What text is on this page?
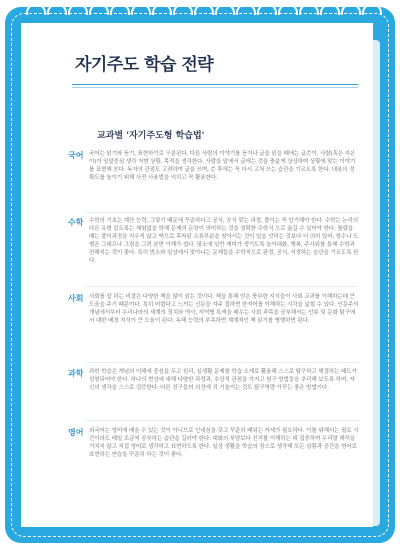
자기주도 학습 전략
교과별 '자기주도형 학습법'
국어 국어는 읽기와 듣기, 표현하기로 구분된다. 다른 사람의 이야기를 듣거나 글을 읽을 때에는 글쓴이, 사람(혹은 지은이)이 임말중심 생각 저변 상황, 목적을 생각한다. 사람들 말에서 글에는 것을 충분게 상상하며 상황에 맞는 이야기를 표현해 본다. 독자의 관점도 고려하며 글을 쓰며, 쓴 후에는 꼭 다시 고쳐 쓰는 습관을 기르도록 한다. 내용의 정확도를 높이기 위해 사전 사용법을 익히고 꼭 활용한다.

수학 수학의 기초는 계산 능력, 그렇기 때문에 꾸준하다고 공식, 공식 맞는 과정, 풀이는 꼭 암기해야 한다. 수학는 논리의 다른 유형 있도록는 체험없을 학해 문제의 문장이 의미하는 것을 정확한 수학식 으로 옮길 수 있어야 한다. 틀렸을 때는 풀이과정을 지우지 않고 맥으로 후착된 오류부분을 찾아서는 것이 있을 앗하는 것보다 더 의미 있어, 항수나 도형은 그래프나 그림을 그려 본면 이해가 쉽다. 평소에 일반 재미가 생기도록 놀이대화, 행복, 주사위를 통해 수학과 친해지는 것이 좋다. 특히 범소와 일상에서 맞아니는 문제들을 수학적으로 판정, 공식, 서경하는 습관을 기르도록 한다.

사회 사회를 잘 하는 비결은 다양한 책을 많이 읽는 것이다. 책을 통해 얻은 풍부한 지식들이 사회 교과를 이해하는데 큰 도움을 주기 때문이다. 특히 어렵다고 느끼는 신문을 자주 접하면 한자어를 이해하는 시각을 넓힐 수 있다. 인문주의 개념에서부터 우리나라의 세계의 정치와 역사, 지역별 특색을 배우는 사회 과목을 공부해서는 인류 및 문화 탐구에서 대한 배경 지식이 큰 도움이 된다. 독해 능력의 부족하면 체계적인 책 읽기를 병행하면 된다.

과학 과학 학습은 개념의 이해에 중심을 두고 원리, 실생활 문제를 학습 소재로 활용해 스스로 탐구하고 해결하는 태도가 성원되어야 한다. 하나의 현상에 대해 다양한 과정과, 추상적 관점을 가지고 원구 방법들을 추리해 보도록 하며, 자신의 생각을 스스로 검증한다. 다른 친구들의 의견에 귀 기울이는 것도 탐구역량 가꾸는 좋은 방법이다.

영어 외국어는 영어에 배울 수 있는 것이 아니므로 인내심을 갖고 꾸준히 배워는 자세가 필요하다. 이를 위해서는 필요 시간이라도 매일 조금씩 공부하는 습관을 길러야 한다. 대화의 부담보다 진지를 이해하는 데 집중하며 우리말 해석을 거치지 않고 직접 영어로 생각하고 표현하도록 한다. 일상 생활을 학습의 장으로 생각해 모든 상황과 공간을 영어로 표현하는 연습을 꾸준히 하는 것이 좋다.
